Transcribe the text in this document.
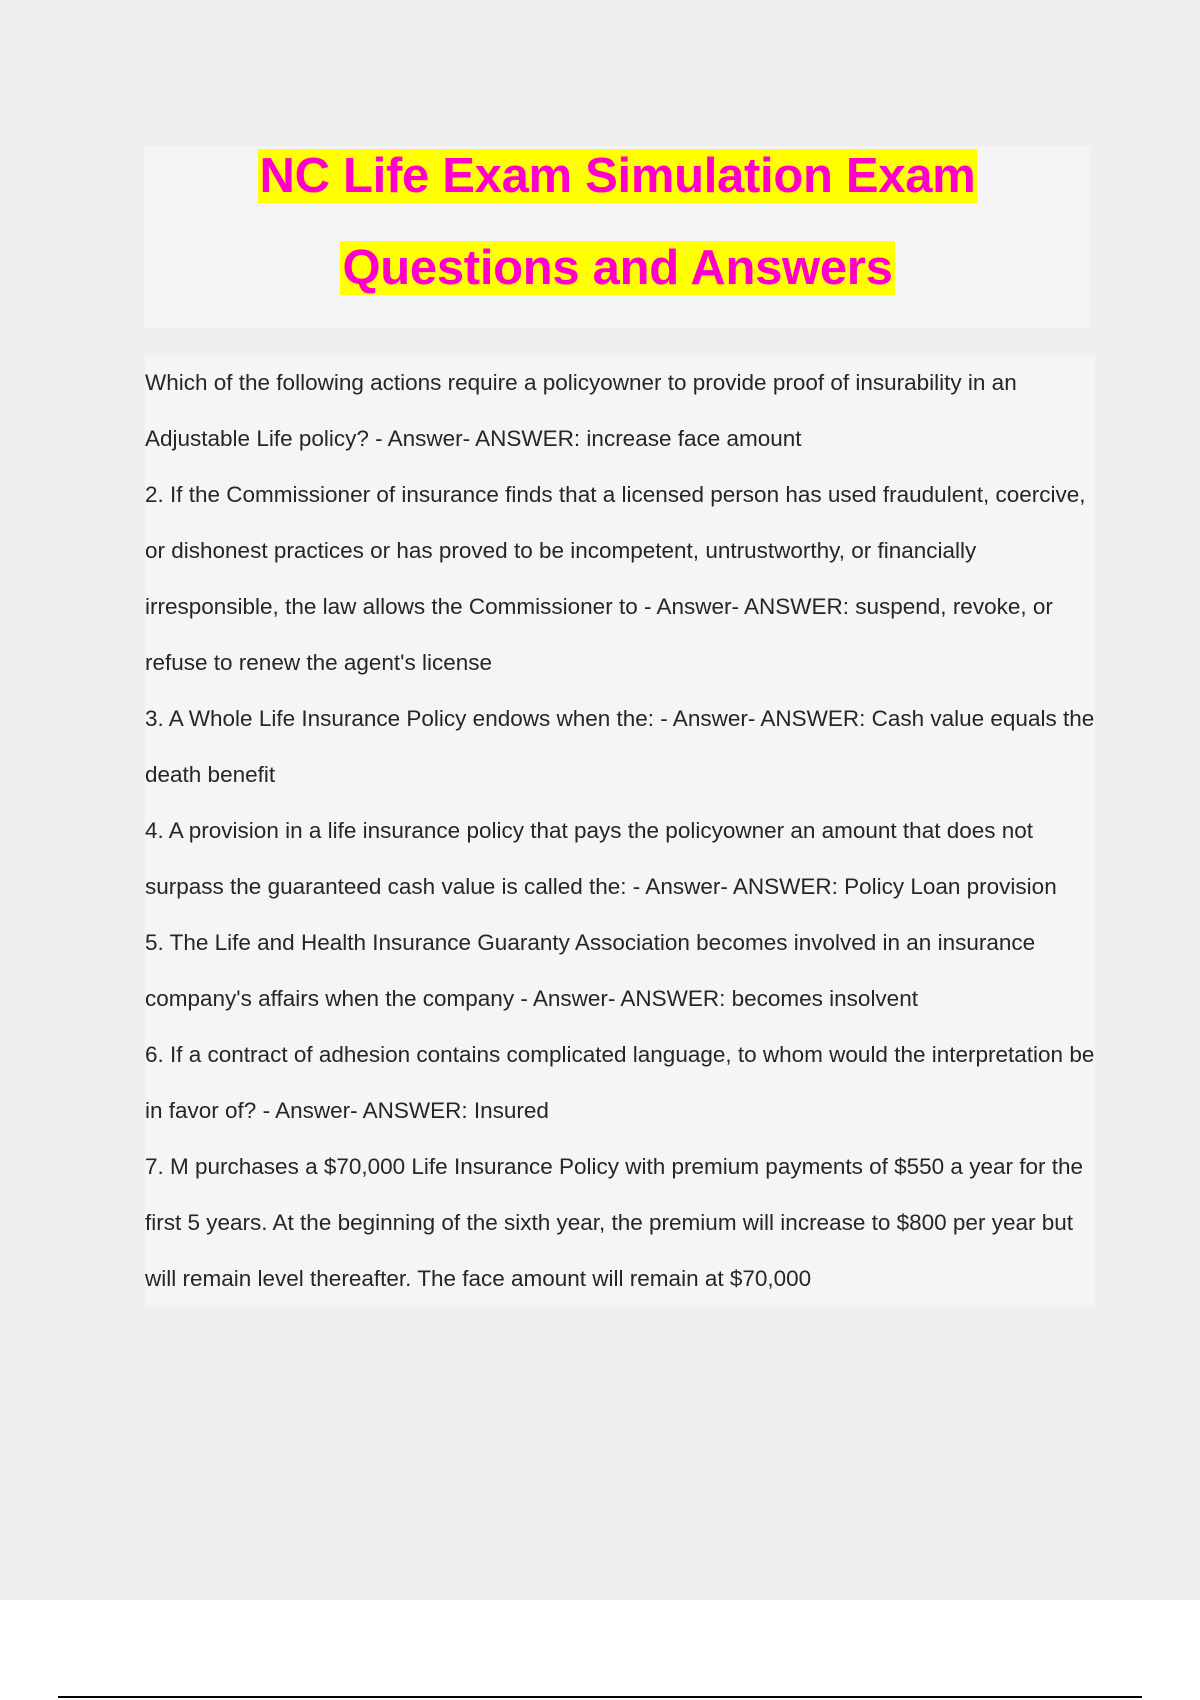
NC Life Exam Simulation Exam
Questions and Answers

Which of the following actions require a policyowner to provide proof of insurability in an Adjustable Life policy? - Answer- ANSWER: increase face amount

2. If the Commissioner of insurance finds that a licensed person has used fraudulent, coercive, or dishonest practices or has proved to be incompetent, untrustworthy, or financially irresponsible, the law allows the Commissioner to - Answer- ANSWER: suspend, revoke, or refuse to renew the agent's license

3. A Whole Life Insurance Policy endows when the: - Answer- ANSWER: Cash value equals the death benefit

4. A provision in a life insurance policy that pays the policyowner an amount that does not surpass the guaranteed cash value is called the: - Answer- ANSWER: Policy Loan provision

5. The Life and Health Insurance Guaranty Association becomes involved in an insurance company's affairs when the company - Answer- ANSWER: becomes insolvent

6. If a contract of adhesion contains complicated language, to whom would the interpretation be in favor of? - Answer- ANSWER: Insured

7. M purchases a $70,000 Life Insurance Policy with premium payments of $550 a year for the first 5 years. At the beginning of the sixth year, the premium will increase to $800 per year but will remain level thereafter. The face amount will remain at $70,000
